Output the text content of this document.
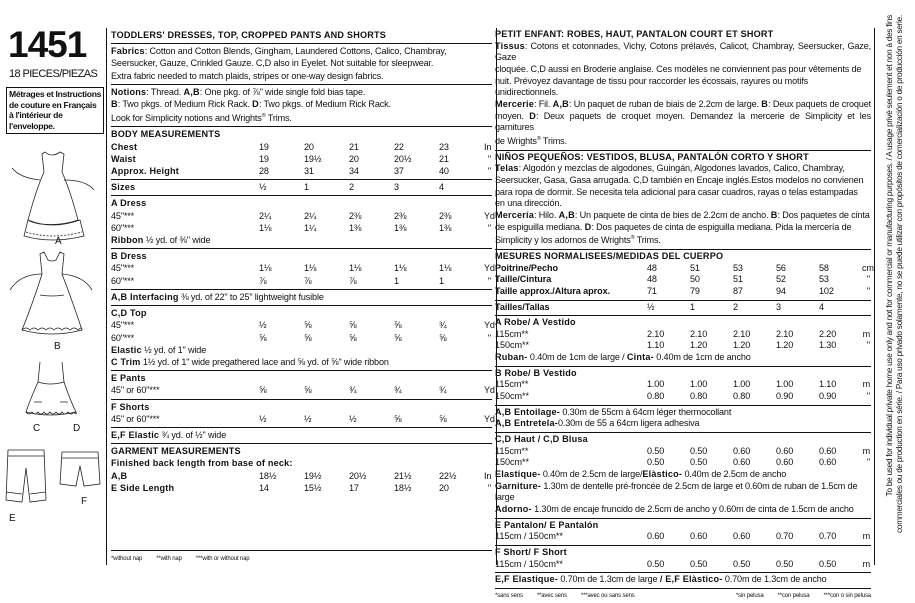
1451
18 PIECES/PIEZAS
Métrages et Instructions
de couture en Français
à l'intérieur de
l'enveloppe.
A
B
C	D
E
F
TODDLERS' DRESSES, TOP, CROPPED PANTS AND SHORTS
Fabrics: Cotton and Cotton Blends, Gingham, Laundered Cottons, Calico, Chambray,
Seersucker, Gauze, Crinkled Gauze. C,D also in Eyelet. Not suitable for sleepwear.
Extra fabric needed to match plaids, stripes or one-way design fabrics.
Notions: Thread. A,B: One pkg. of ⅞" wide single fold bias tape.
B: Two pkgs. of Medium Rick Rack. D: Two pkgs. of Medium Rick Rack.
Look for Simplicity notions and Wrights® Trims.
BODY MEASUREMENTS
Chest	19	20	21	22	23	In
Waist	19	19½	20	20½	21	"
Approx. Height	28	31	34	37	40	"
Sizes	½	1	2	3	4
A Dress
45"***	2¼	2¼	2⅜	2⅜	2⅜	Yd
60"***	1⅛	1¼	1⅜	1⅜	1⅜	"
Ribbon ½ yd. of ⅜" wide
B Dress
45"***	1⅛	1⅛	1⅛	1⅛	1⅛	Yd
60"***	⅞	⅞	⅞	1	1	"
A,B Interfacing ⅜ yd. of 22" to 25" lightweight fusible
C,D Top
45"***	½	⅝	⅝	⅝	¾	Yd
60"***	⅝	⅝	⅝	⅝	⅝	"
Elastic ½ yd. of 1" wide
C Trim 1½ yd. of 1" wide pregathered lace and ⅝ yd. of ⅝" wide ribbon
E Pants
45" or 60"***	⅝	⅝	¾	¾	¾	Yd
F Shorts
45" or 60"***	½	½	½	⅝	⅝	Yd
E,F Elastic ¾ yd. of ½" wide
GARMENT MEASUREMENTS
Finished back length from base of neck:
A,B	18½	19½	20½	21½	22½	In
E Side Length	14	15½	17	18½	20	"
*without nap **with nap ***with or without nap
PETIT ENFANT: ROBES, HAUT, PANTALON COURT ET SHORT
Tissus: Cotons et cotonnades, Vichy, Cotons prélavés, Calicot, Chambray, Seersucker, Gaze, Gaze
cloquée. C,D aussi en Broderie anglaise. Ces modèles ne conviennent pas pour vêtements de
nuit. Prévoyez davantage de tissu pour raccorder les écossais, rayures ou motifs
unidirectionnels.
Mercerie: Fil. A,B: Un paquet de ruban de biais de 2.2cm de large. B: Deux paquets de croquet
moyen. D: Deux paquets de croquet moyen. Demandez la mercerie de Simplicity et les garnitures
de Wrights® Trims.
NIÑOS PEQUEÑOS: VESTIDOS, BLUSA, PANTALÓN CORTO Y SHORT
Telas: Algodón y mezclas de algodones, Guingán, Algodones lavados, Calico, Chambray,
Seersucker, Gasa, Gasa arrugada. C,D también en Encaje inglés.Estos modelos no convienen
para ropa de dormir. Se necesita tela adicional para casar cuadros, rayas o telas estampadas
en una dirección.
Mercería: Hilo. A,B: Un paquete de cinta de bies de 2.2cm de ancho. B: Dos paquetes de cinta
de espiguilla mediana. D: Dos paquetes de cinta de espiguilla mediana. Pida la mercería de
Simplicity y los adornos de Wrights® Trims.
MESURES NORMALISEES/MEDIDAS DEL CUERPO
Poitrine/Pecho	48	51	53	56	58	cm
Taille/Cintura	48	50	51	52	53	"
Taille approx./Altura aprox.	71	79	87	94	102	"
Tailles/Tallas	½	1	2	3	4
A Robe/ A Vestido
115cm**	2.10	2.10	2.10	2.10	2.20	m
150cm**	1.10	1.20	1.20	1.20	1.30	"
Ruban- 0.40m de 1cm de large / Cinta- 0.40m de 1cm de ancho
B Robe/ B Vestido
115cm**	1.00	1.00	1.00	1.00	1.10	m
150cm**	0.80	0.80	0.80	0.90	0.90	"
A,B Entoilage- 0.30m de 55cm à 64cm léger thermocollant
A,B Entretela-0.30m de 55 a 64cm ligera adhesiva
C,D Haut / C,D Blusa
115cm**	0.50	0.50	0.60	0.60	0.60	m
150cm**	0.50	0.50	0.60	0.60	0.60	"
Elastique- 0.40m de 2.5cm de large/Elàstico- 0.40m de 2.5cm de ancho
Garniture- 1.30m de dentelle pré-froncée de 2.5cm de large et 0.60m de ruban de 1.5cm de large
Adorno- 1.30m de encaje fruncido de 2.5cm de ancho y 0.60m de cinta de 1.5cm de ancho
E Pantalon/ E Pantalón
115cm / 150cm**	0.60	0.60	0.60	0.70	0.70	m
F Short/ F Short
115cm / 150cm**	0.50	0.50	0.50	0.50	0.50	m
E,F Elastique- 0.70m de 1.3cm de large / E,F Elàstico- 0.70m de 1.3cm de ancho
*sans sens **avec sens ***avec ou sans sens	*sin pelusa **con pelusa ***con o sin pelusa
To be used for individual private home use only and not for commercial or manufacturing purposes. / A usage privé seulement et non à des fins commerciales ou de production en série. / Para uso privado solamente, no se puede utilizar con propósitos de comercialización o de producción en serie.
